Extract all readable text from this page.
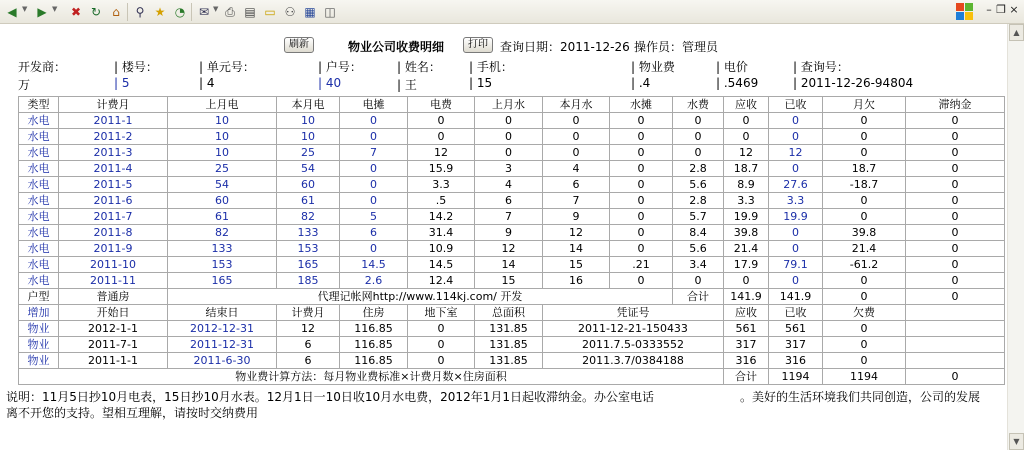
◀ ▼ ▶ ▼ ✖ ↻ ⌂	⚲ ★ ◔ ✉ ▼ ⎙ ▤ ▭ ⚇ ▦ ◫	– ❐ ×
▲
▼
刷新	物业公司收费明细	打印	查询日期：2011-12-26 操作员：管理员
开发商：	| 楼号：	| 单元号：	| 户号：	| 姓名： | 手机：	| 物业费	| 电价	| 查询号：
万	| 5	| 4	| 40	| 王	| 15	| .4	| .5469	| 2011-12-26-94804
类型	计费月	上月电	本月电	电摊	电费	上月水	本月水	水摊	水费	应收	已收	月欠	滞纳金
水电	2011-1	10	10	0	0	0	0	0	0	0	0	0	0
水电	2011-2	10	10	0	0	0	0	0	0	0	0	0	0
水电	2011-3	10	25	7	12	0	0	0	0	12	12	0	0
水电	2011-4	25	54	0	15.9	3	4	0	2.8	18.7	0	18.7	0
水电	2011-5	54	60	0	3.3	4	6	0	5.6	8.9	27.6	-18.7	0
水电	2011-6	60	61	0	.5	6	7	0	2.8	3.3	3.3	0	0
水电	2011-7	61	82	5	14.2	7	9	0	5.7	19.9	19.9	0	0
水电	2011-8	82	133	6	31.4	9	12	0	8.4	39.8	0	39.8	0
水电	2011-9	133	153	0	10.9	12	14	0	5.6	21.4	0	21.4	0
水电	2011-10	153	165	14.5	14.5	14	15	.21	3.4	17.9	79.1	-61.2	0
水电	2011-11	165	185	2.6	12.4	15	16	0	0	0	0	0	0
户型	普通房	代理记帐网http://www.114kj.com/ 开发							合计	141.9	141.9	0	0
增加	开始日	结束日	计费月	住房	地下室	总面积	凭证号	应收	已收	欠费	
物业	2012-1-1	2012-12-31	12	116.85	0	131.85	2011-12-21-150433	561	561	0	
物业	2011-7-1	2011-12-31	6	116.85	0	131.85	2011.7.5-0333552	317	317	0	
物业	2011-1-1	2011-6-30	6	116.85	0	131.85	2011.3.7/0384188	316	316	0	
物业费计算方法：每月物业费标准×计费月数×住房面积								合计	1194	1194	0
说明：11月5日抄10月电表，15日抄10月水表。12月1日一10日收10月水电费，2012年1月1日起收滞纳金。办公室电话	。美好的生活环境我们共同创造，公司的发展
离不开您的支持。望相互理解，请按时交纳费用
